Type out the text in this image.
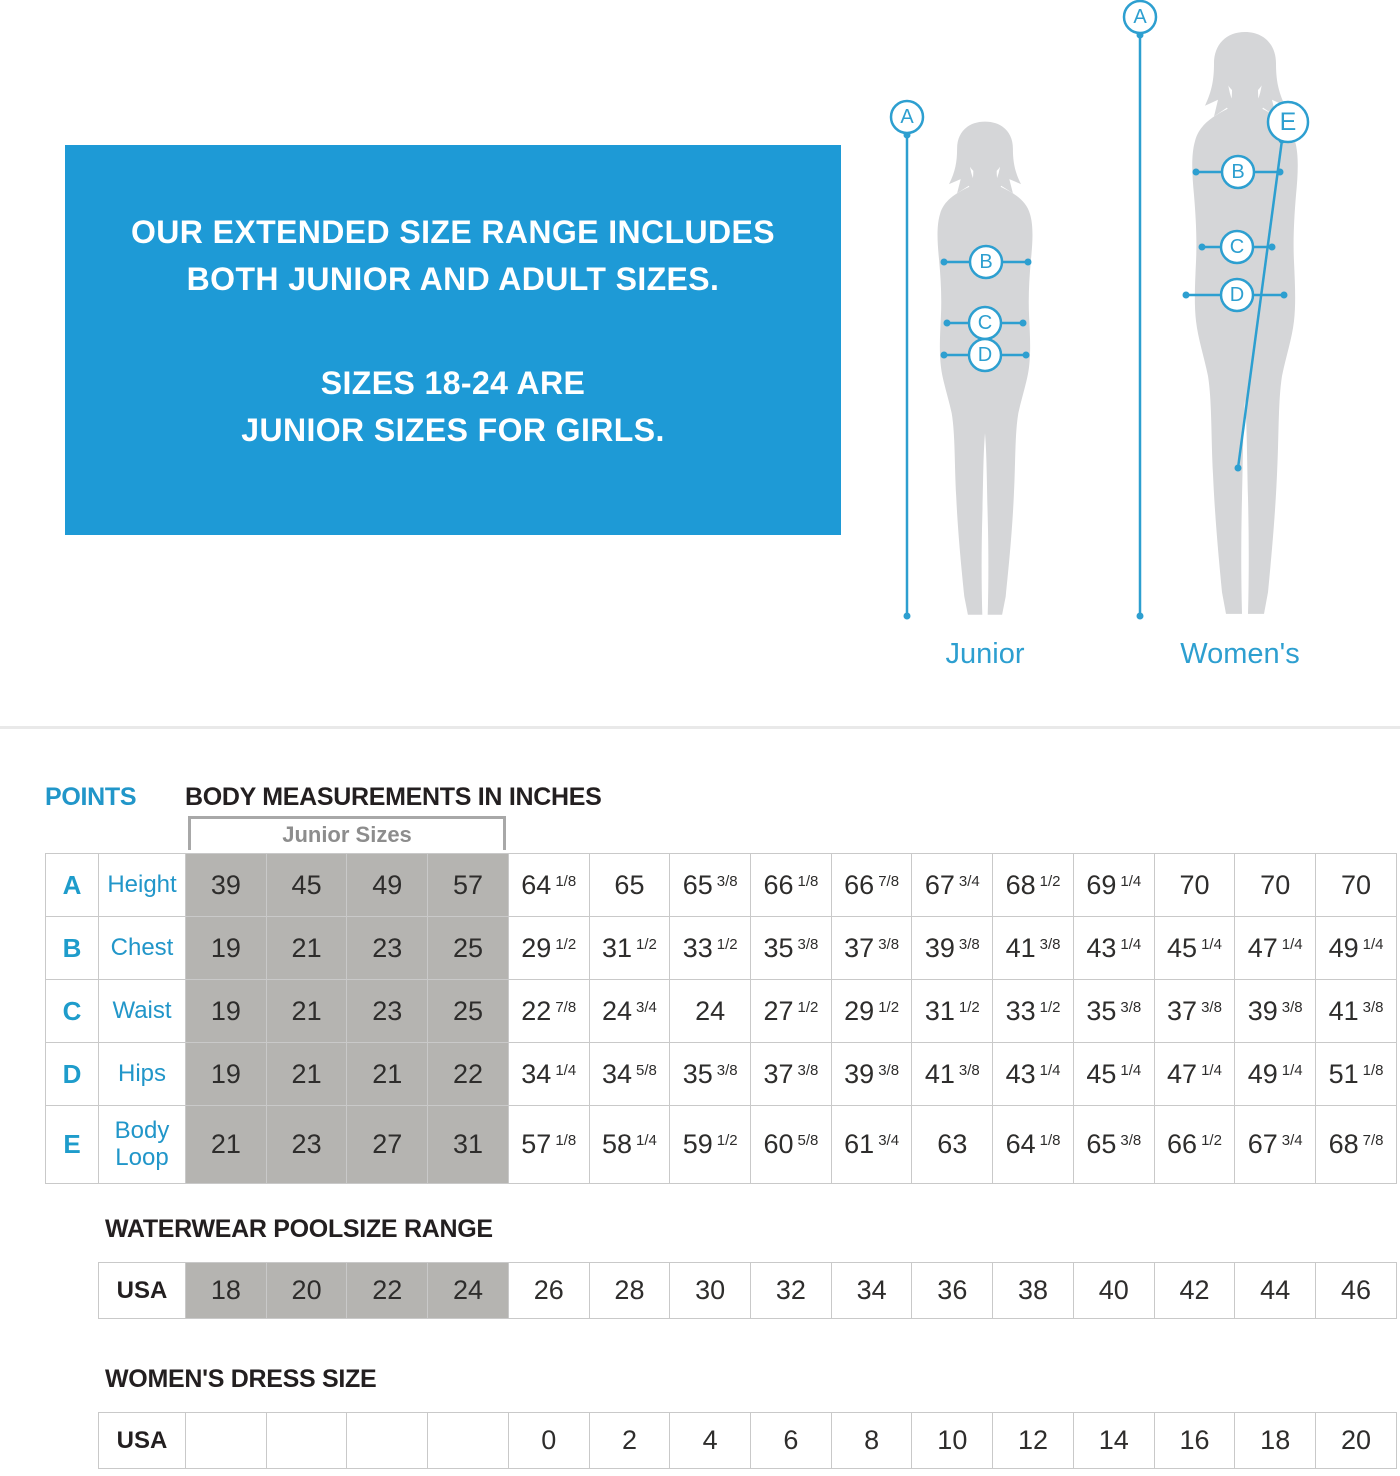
OUR EXTENDED SIZE RANGE INCLUDES

BOTH JUNIOR AND ADULT SIZES.

SIZES 18-24 ARE

JUNIOR SIZES FOR GIRLS.

A
B
C
D
E
A
B
C
D
Junior	Women's
POINTS BODY MEASUREMENTS IN INCHES
Junior Sizes
A	Height	39	45	49	57	64 1/8	65	65 3/8	66 1/8	66 7/8	67 3/4	68 1/2	69 1/4	70	70	70
B	Chest	19	21	23	25	29 1/2	31 1/2	33 1/2	35 3/8	37 3/8	39 3/8	41 3/8	43 1/4	45 1/4	47 1/4	49 1/4
C	Waist	19	21	23	25	22 7/8	24 3/4	24	27 1/2	29 1/2	31 1/2	33 1/2	35 3/8	37 3/8	39 3/8	41 3/8
D	Hips	19	21	21	22	34 1/4	34 5/8	35 3/8	37 3/8	39 3/8	41 3/8	43 1/4	45 1/4	47 1/4	49 1/4	51 1/8
E	Body Loop	21	23	27	31	57 1/8	58 1/4	59 1/2	60 5/8	61 3/4	63	64 1/8	65 3/8	66 1/2	67 3/4	68 7/8
WATERWEAR POOLSIZE RANGE
USA	18	20	22	24	26	28	30	32	34	36	38	40	42	44	46
WOMEN'S DRESS SIZE
USA					0	2	4	6	8	10	12	14	16	18	20
